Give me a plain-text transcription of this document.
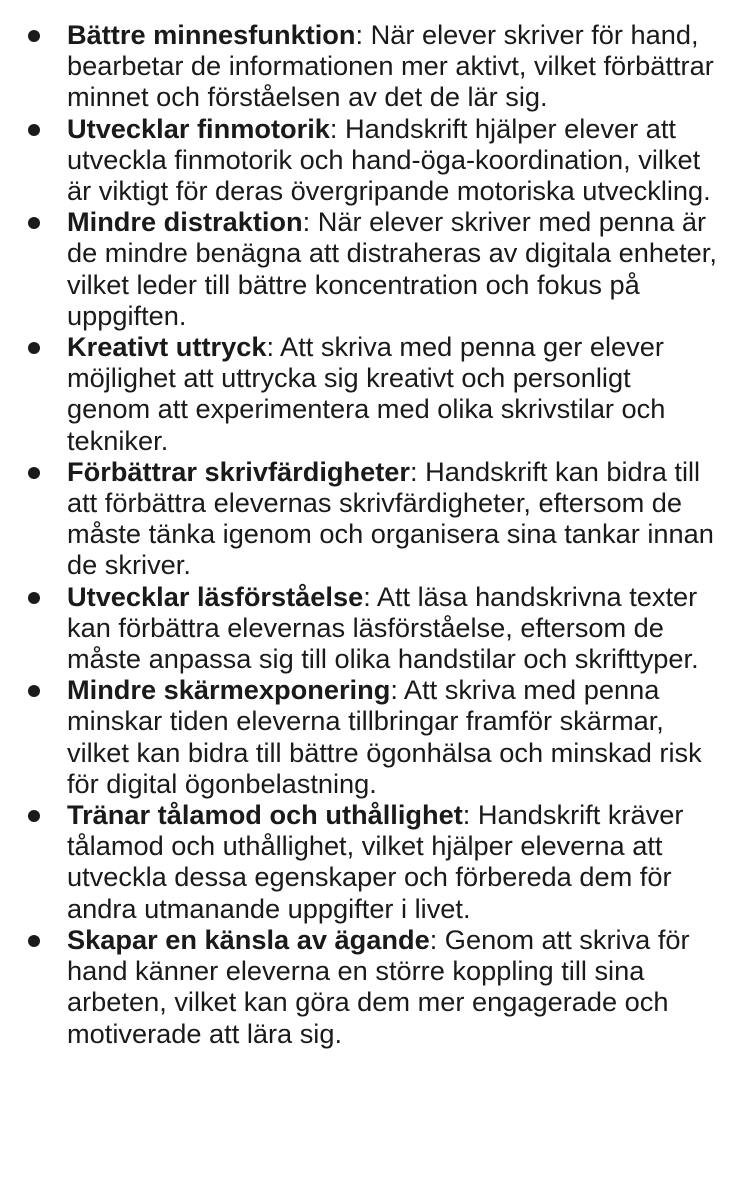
Bättre minnesfunktion: När elever skriver för hand, bearbetar de informationen mer aktivt, vilket förbättrar minnet och förståelsen av det de lär sig.
Utvecklar finmotorik: Handskrift hjälper elever att utveckla finmotorik och hand-öga-koordination, vilket är viktigt för deras övergripande motoriska utveckling.
Mindre distraktion: När elever skriver med penna är de mindre benägna att distraheras av digitala enheter, vilket leder till bättre koncentration och fokus på uppgiften.
Kreativt uttryck: Att skriva med penna ger elever möjlighet att uttrycka sig kreativt och personligt genom att experimentera med olika skrivstilar och tekniker.
Förbättrar skrivfärdigheter: Handskrift kan bidra till att förbättra elevernas skrivfärdigheter, eftersom de måste tänka igenom och organisera sina tankar innan de skriver.
Utvecklar läsförståelse: Att läsa handskrivna texter kan förbättra elevernas läsförståelse, eftersom de måste anpassa sig till olika handstilar och skrifttyper.
Mindre skärmexponering: Att skriva med penna minskar tiden eleverna tillbringar framför skärmar, vilket kan bidra till bättre ögonhälsa och minskad risk för digital ögonbelastning.
Tränar tålamod och uthållighet: Handskrift kräver tålamod och uthållighet, vilket hjälper eleverna att utveckla dessa egenskaper och förbereda dem för andra utmanande uppgifter i livet.
Skapar en känsla av ägande: Genom att skriva för hand känner eleverna en större koppling till sina arbeten, vilket kan göra dem mer engagerade och motiverade att lära sig.
